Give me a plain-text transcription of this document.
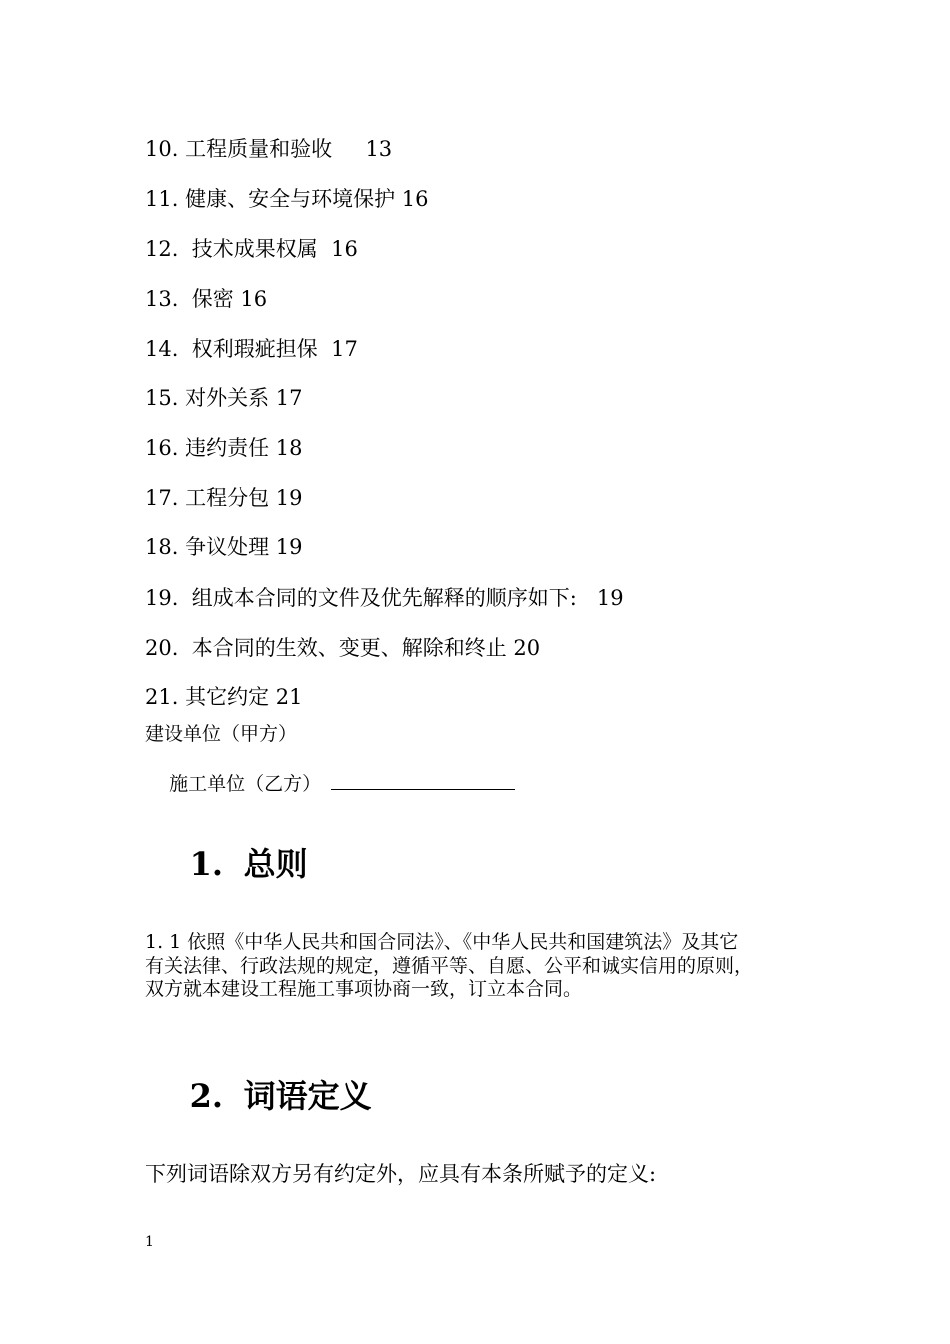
10. 工程质量和验收     13
11. 健康、安全与环境保护 16
12.  技术成果权属  16
13.  保密 16
14.  权利瑕疵担保  17
15. 对外关系 17
16. 违约责任 18
17. 工程分包 19
18. 争议处理 19
19.  组成本合同的文件及优先解释的顺序如下:   19
20.  本合同的生效、变更、解除和终止 20
21. 其它约定 21
建设单位（甲方）

施工单位（乙方）

1. 总则

1. 1 依照《中华人民共和国合同法》、《中华人民共和国建筑法》及其它
有关法律、行政法规的规定，遵循平等、自愿、公平和诚实信用的原则，
双方就本建设工程施工事项协商一致，订立本合同。

2. 词语定义

下列词语除双方另有约定外，应具有本条所赋予的定义:
1
